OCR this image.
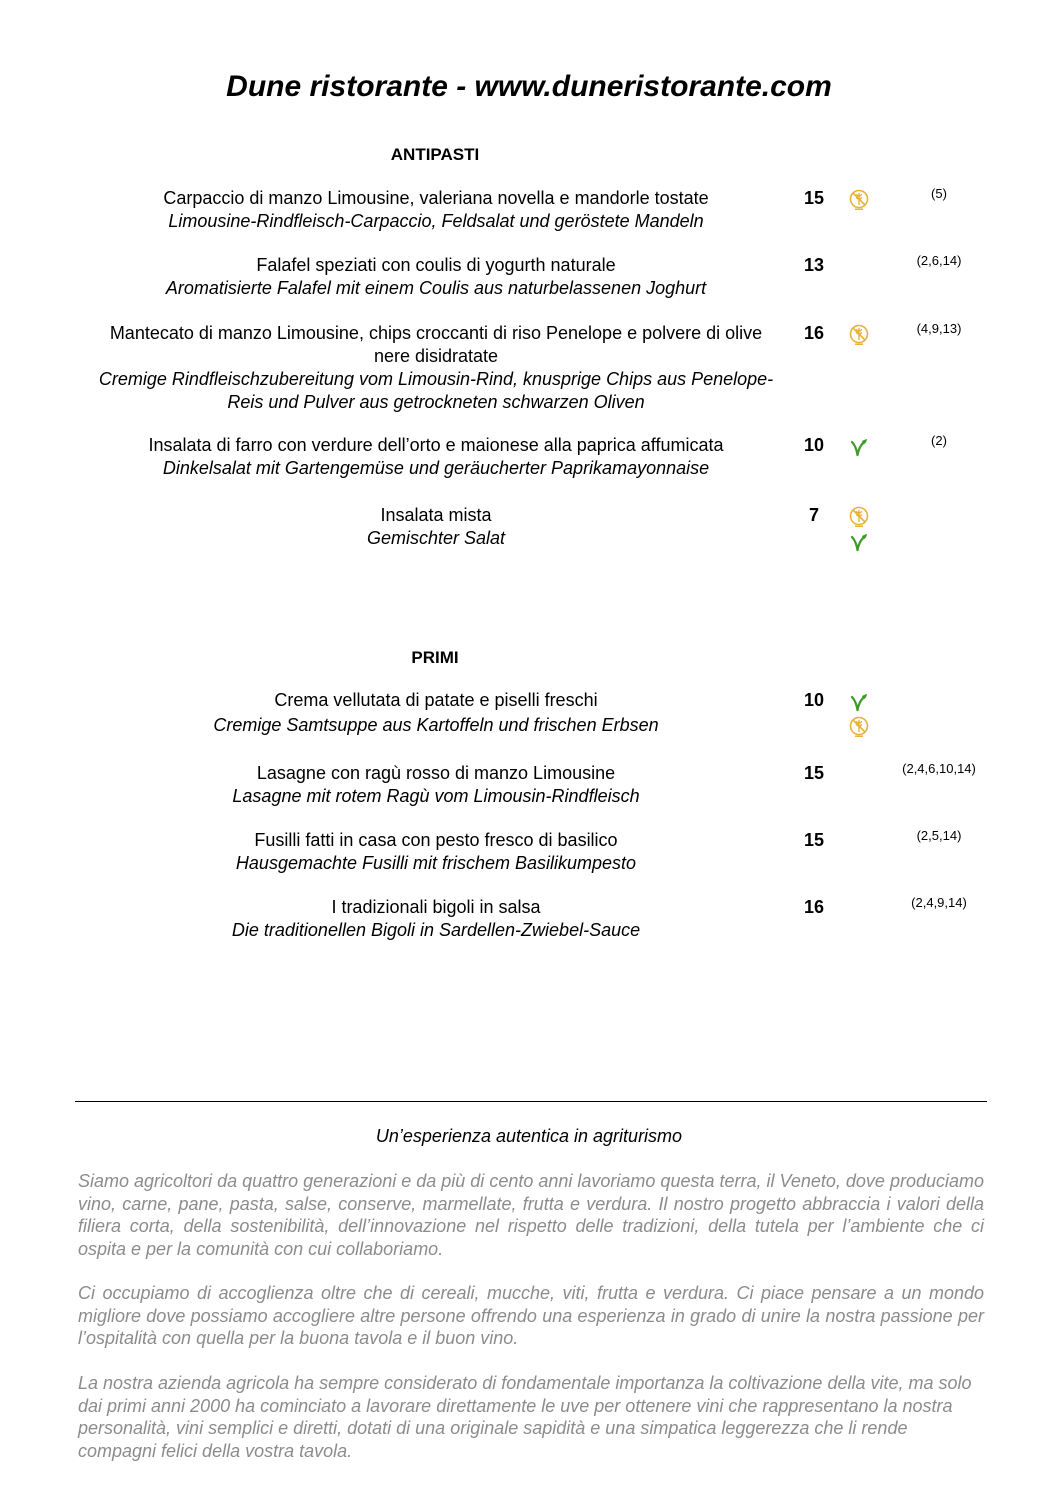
Dune ristorante - www.duneristorante.com
ANTIPASTI
Carpaccio di manzo Limousine, valeriana novella e mandorle tostate
Limousine-Rindfleisch-Carpaccio, Feldsalat und geröstete Mandeln
15	(5)
Falafel speziati con coulis di yogurth naturale
Aromatisierte Falafel mit einem Coulis aus naturbelassenen Joghurt
13	(2,6,14)
Mantecato di manzo Limousine, chips croccanti di riso Penelope e polvere di olive nere disidratate
Cremige Rindfleischzubereitung vom Limousin-Rind, knusprige Chips aus Penelope-Reis und Pulver aus getrockneten schwarzen Oliven
16	(4,9,13)
Insalata di farro con verdure dell’orto e maionese alla paprica affumicata
Dinkelsalat mit Gartengemüse und geräucherter Paprikamayonnaise
10	(2)
Insalata mista
Gemischter Salat
7
PRIMI
Crema vellutata di patate e piselli freschi
Cremige Samtsuppe aus Kartoffeln und frischen Erbsen
10
Lasagne con ragù rosso di manzo Limousine
Lasagne mit rotem Ragù vom Limousin-Rindfleisch
15	(2,4,6,10,14)
Fusilli fatti in casa con pesto fresco di basilico
Hausgemachte Fusilli mit frischem Basilikumpesto
15	(2,5,14)
I tradizionali bigoli in salsa
Die traditionellen Bigoli in Sardellen-Zwiebel-Sauce
16	(2,4,9,14)
Un’esperienza autentica in agriturismo

Siamo agricoltori da quattro generazioni e da più di cento anni lavoriamo questa terra, il Veneto, dove produciamo vino, carne, pane, pasta, salse, conserve, marmellate, frutta e verdura. Il nostro progetto abbraccia i valori della filiera corta, della sostenibilità, dell’innovazione nel rispetto delle tradizioni, della tutela per l’ambiente che ci ospita e per la comunità con cui collaboriamo.

Ci occupiamo di accoglienza oltre che di cereali, mucche, viti, frutta e verdura. Ci piace pensare a un mondo migliore dove possiamo accogliere altre persone offrendo una esperienza in grado di unire la nostra passione per l’ospitalità con quella per la buona tavola e il buon vino.

La nostra azienda agricola ha sempre considerato di fondamentale importanza la coltivazione della vite, ma solo dai primi anni 2000 ha cominciato a lavorare direttamente le uve per ottenere vini che rappresentano la nostra personalità, vini semplici e diretti, dotati di una originale sapidità e una simpatica leggerezza che li rende compagni felici della vostra tavola.
